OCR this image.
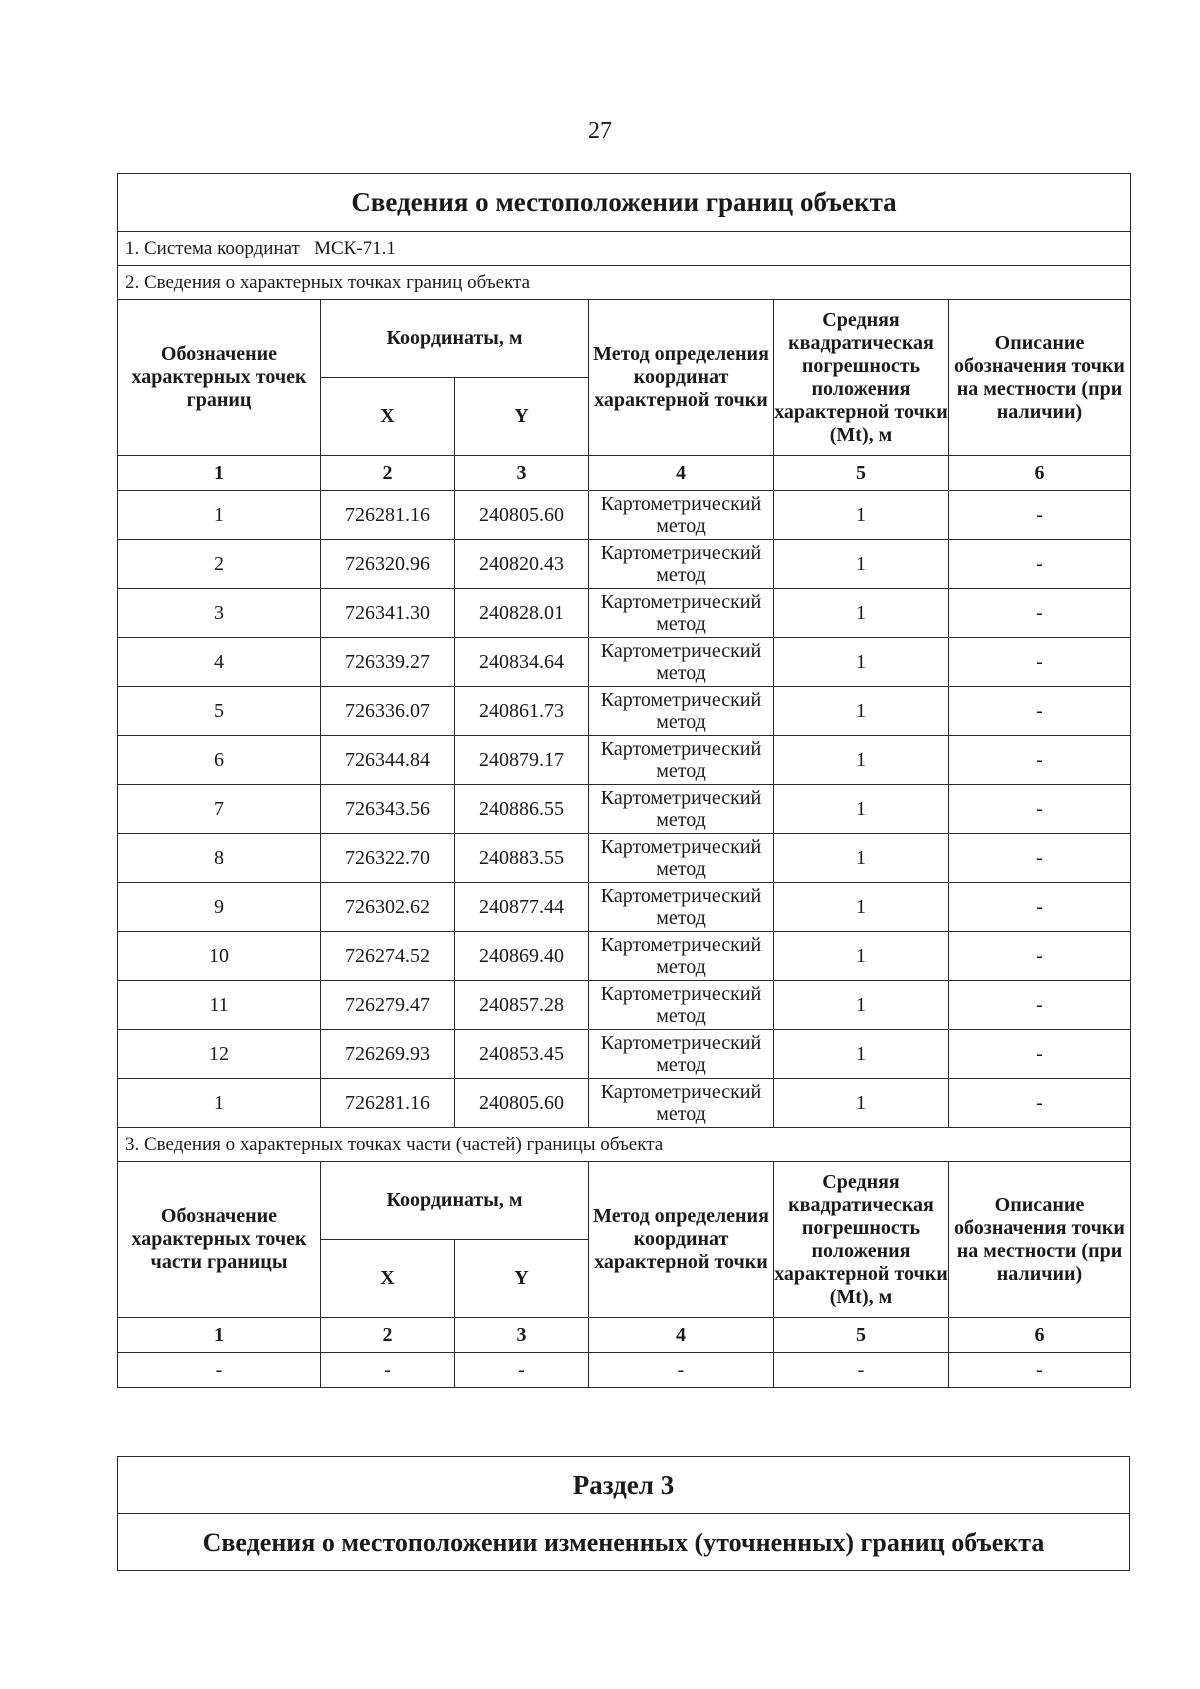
27
Сведения о местоположении границ объекта					
1. Система координат МСК-71.1					
2. Сведения о характерных точках границ объекта					
Обозначение характерных точек границ	Координаты, м		Метод определения координат характерной точки	Средняя квадратическая погрешность положения характерной точки (Mt), м	Описание обозначения точки на местности (при наличии)
	X	Y			
1	2	3	4	5	6
1	726281.16	240805.60	Картометрический метод	1	-
2	726320.96	240820.43	Картометрический метод	1	-
3	726341.30	240828.01	Картометрический метод	1	-
4	726339.27	240834.64	Картометрический метод	1	-
5	726336.07	240861.73	Картометрический метод	1	-
6	726344.84	240879.17	Картометрический метод	1	-
7	726343.56	240886.55	Картометрический метод	1	-
8	726322.70	240883.55	Картометрический метод	1	-
9	726302.62	240877.44	Картометрический метод	1	-
10	726274.52	240869.40	Картометрический метод	1	-
11	726279.47	240857.28	Картометрический метод	1	-
12	726269.93	240853.45	Картометрический метод	1	-
1	726281.16	240805.60	Картометрический метод	1	-
3. Сведения о характерных точках части (частей) границы объекта					
Обозначение характерных точек части границы	Координаты, м		Метод определения координат характерной точки	Средняя квадратическая погрешность положения характерной точки (Mt), м	Описание обозначения точки на местности (при наличии)
	X	Y			
1	2	3	4	5	6
-	-	-	-	-	-
Раздел 3
Сведения о местоположении измененных (уточненных) границ объекта
